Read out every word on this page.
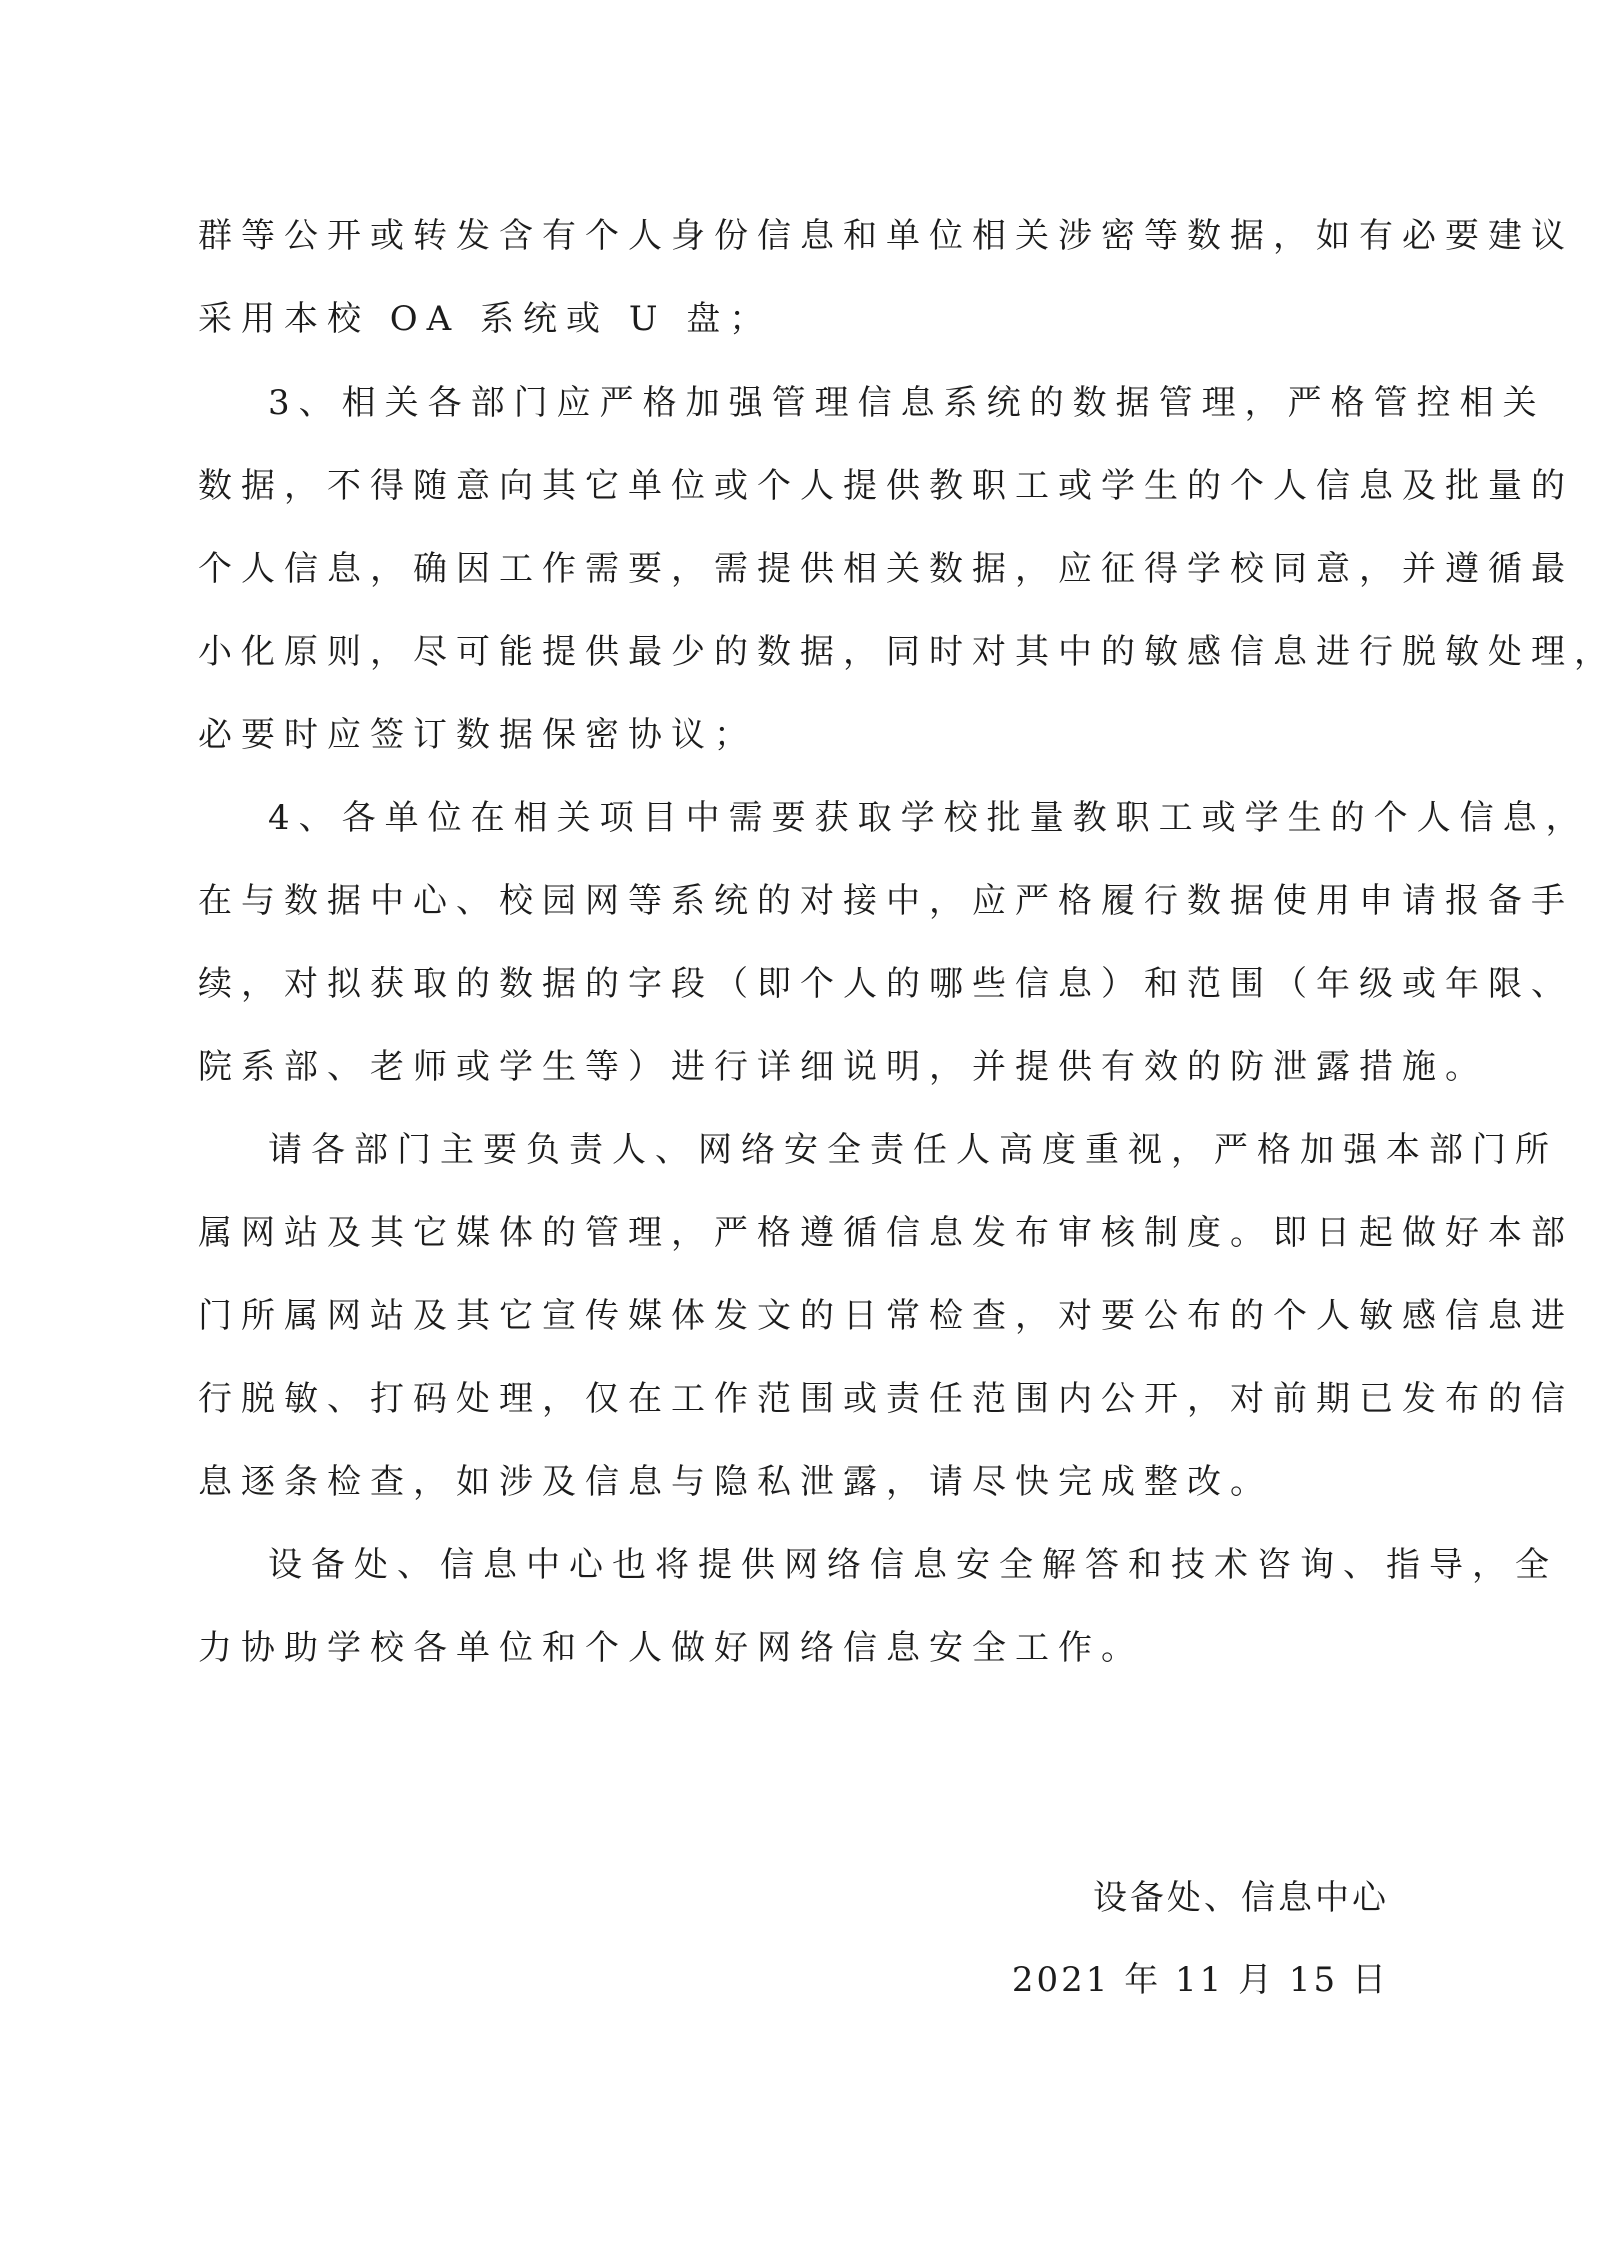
群等公开或转发含有个人身份信息和单位相关涉密等数据，如有必要建议
采用本校 OA 系统或 U 盘；
3、相关各部门应严格加强管理信息系统的数据管理，严格管控相关
数据，不得随意向其它单位或个人提供教职工或学生的个人信息及批量的
个人信息，确因工作需要，需提供相关数据，应征得学校同意，并遵循最
小化原则，尽可能提供最少的数据，同时对其中的敏感信息进行脱敏处理，
必要时应签订数据保密协议；
4、各单位在相关项目中需要获取学校批量教职工或学生的个人信息，
在与数据中心、校园网等系统的对接中，应严格履行数据使用申请报备手
续，对拟获取的数据的字段（即个人的哪些信息）和范围（年级或年限、
院系部、老师或学生等）进行详细说明，并提供有效的防泄露措施。
请各部门主要负责人、网络安全责任人高度重视，严格加强本部门所
属网站及其它媒体的管理，严格遵循信息发布审核制度。即日起做好本部
门所属网站及其它宣传媒体发文的日常检查，对要公布的个人敏感信息进
行脱敏、打码处理，仅在工作范围或责任范围内公开，对前期已发布的信
息逐条检查，如涉及信息与隐私泄露，请尽快完成整改。
设备处、信息中心也将提供网络信息安全解答和技术咨询、指导，全
力协助学校各单位和个人做好网络信息安全工作。
设备处、信息中心
2021 年 11 月 15 日
